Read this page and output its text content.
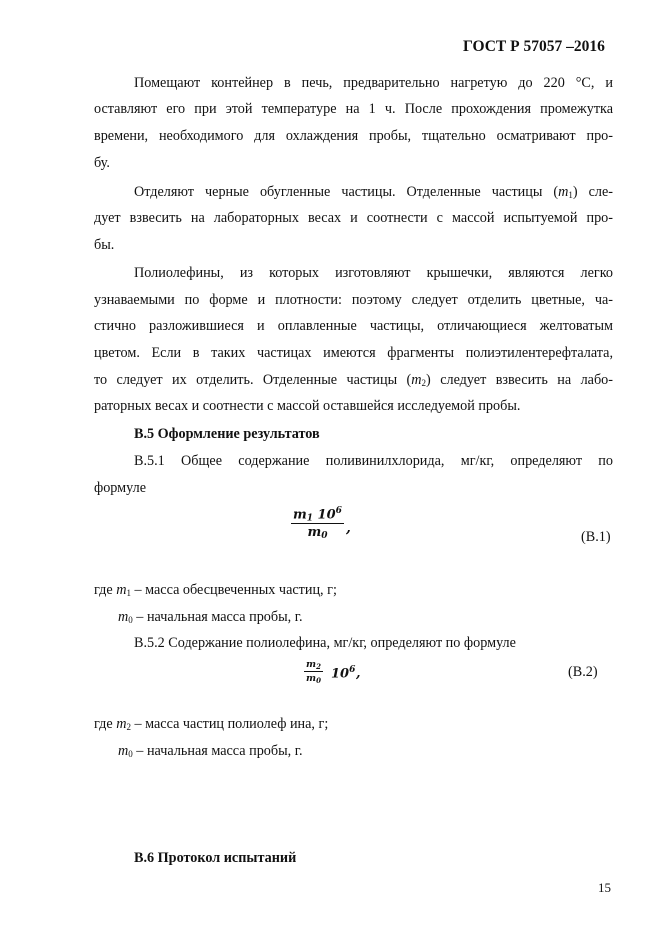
ГОСТ Р 57057 –2016
Помещают контейнер в печь, предварительно нагретую до 220 °С, и
оставляют его при этой температуре на 1 ч. После прохождения промежутка
времени, необходимого для охлаждения пробы, тщательно осматривают про-
бу.
Отделяют черные обугленные частицы. Отделенные частицы $(m_1)$ сле-
дует взвесить на лабораторных весах и соотнести с массой испытуемой про-
бы.
Полиолефины, из которых изготовляют крышечки, являются легко
узнаваемыми по форме и плотности: поэтому следует отделить цветные, ча-
стично разложившиеся и оплавленные частицы, отличающиеся желтоватым
цветом. Если в таких частицах имеются фрагменты полиэтилентерефталата,
то следует их отделить. Отделенные частицы $(m_2)$ следует взвесить на лабо-
раторных весах и соотнести с массой оставшейся исследуемой пробы.
В.5 Оформление результатов
В.5.1 Общее содержание поливинилхлорида, мг/кг, определяют по
формуле
$\frac{m_1 10^6}{m_0}$ ,
(В.1)
где $m_1$ – масса обесцвеченных частиц, г;
$m_0$ – начальная масса пробы, г.
В.5.2 Содержание полиолефина, мг/кг, определяют по формуле
$\frac{m_2}{m_0} 10^6$ ,	(В.2)
где $m_2$ – масса частиц полиолеф ина, г;
$m_0$ – начальная масса пробы, г.
В.6 Протокол испытаний
15
